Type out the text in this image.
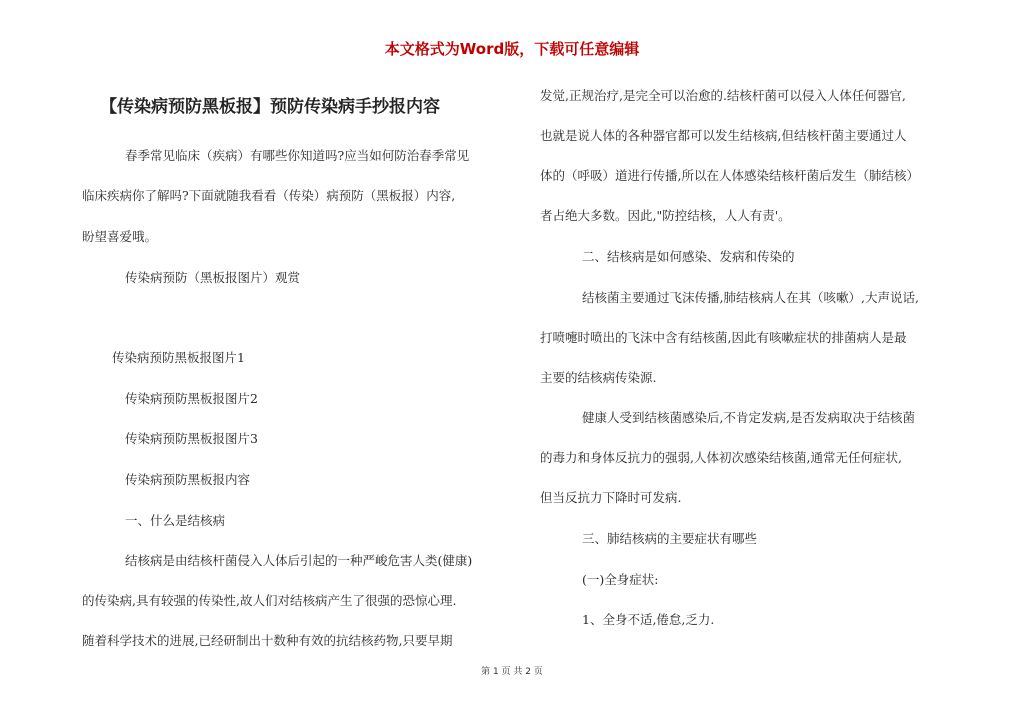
本文格式为Word版，下载可任意编辑
【传染病预防黑板报】预防传染病手抄报内容
春季常见临床（疾病）有哪些你知道吗?应当如何防治春季常见
临床疾病你了解吗?下面就随我看看（传染）病预防（黑板报）内容,
盼望喜爱哦。
传染病预防（黑板报图片）观赏
传染病预防黑板报图片1
传染病预防黑板报图片2
传染病预防黑板报图片3
传染病预防黑板报内容
一、什么是结核病
结核病是由结核杆菌侵入人体后引起的一种严峻危害人类(健康)
的传染病,具有较强的传染性,故人们对结核病产生了很强的恐惊心理.
随着科学技术的进展,已经研制出十数种有效的抗结核药物,只要早期
发觉,正规治疗,是完全可以治愈的.结核杆菌可以侵入人体任何器官,
也就是说人体的各种器官都可以发生结核病,但结核杆菌主要通过人
体的（呼吸）道进行传播,所以在人体感染结核杆菌后发生（肺结核）
者占绝大多数。因此,"防控结核，人人有责'。
二、结核病是如何感染、发病和传染的
结核菌主要通过飞沫传播,肺结核病人在其（咳嗽）,大声说话,
打喷嚏时喷出的飞沫中含有结核菌,因此有咳嗽症状的排菌病人是最
主要的结核病传染源.
健康人受到结核菌感染后,不肯定发病,是否发病取决于结核菌
的毒力和身体反抗力的强弱,人体初次感染结核菌,通常无任何症状,
但当反抗力下降时可发病.
三、肺结核病的主要症状有哪些
(一)全身症状:
1、全身不适,倦怠,乏力.
第 1 页 共 2 页
